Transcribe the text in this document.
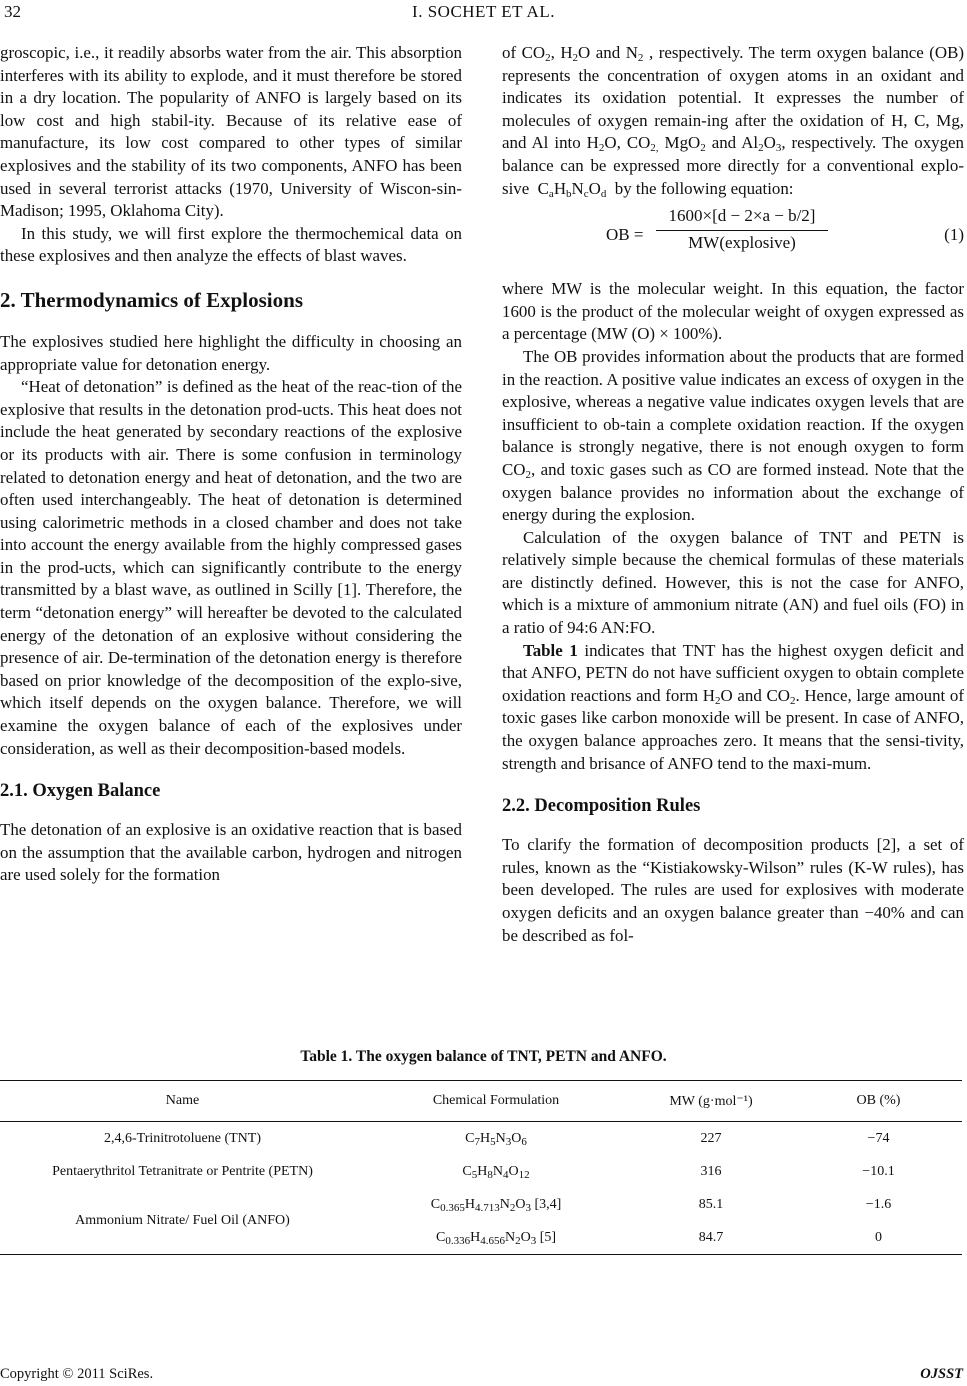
32	I. SOCHET ET AL.

groscopic, i.e., it readily absorbs water from the air. This absorption interferes with its ability to explode, and it must therefore be stored in a dry location. The popularity of ANFO is largely based on its low cost and high stabil-ity. Because of its relative ease of manufacture, its low cost compared to other types of similar explosives and the stability of its two components, ANFO has been used in several terrorist attacks (1970, University of Wiscon-sin-Madison; 1995, Oklahoma City).

In this study, we will first explore the thermochemical data on these explosives and then analyze the effects of blast waves.

2. Thermodynamics of Explosions

The explosives studied here highlight the difficulty in choosing an appropriate value for detonation energy.

“Heat of detonation” is defined as the heat of the reac-tion of the explosive that results in the detonation prod-ucts. This heat does not include the heat generated by secondary reactions of the explosive or its products with air. There is some confusion in terminology related to detonation energy and heat of detonation, and the two are often used interchangeably. The heat of detonation is determined using calorimetric methods in a closed chamber and does not take into account the energy available from the highly compressed gases in the prod-ucts, which can significantly contribute to the energy transmitted by a blast wave, as outlined in Scilly [1]. Therefore, the term “detonation energy” will hereafter be devoted to the calculated energy of the detonation of an explosive without considering the presence of air. De-termination of the detonation energy is therefore based on prior knowledge of the decomposition of the explo-sive, which itself depends on the oxygen balance. Therefore, we will examine the oxygen balance of each of the explosives under consideration, as well as their decomposition-based models.

2.1. Oxygen Balance

The detonation of an explosive is an oxidative reaction that is based on the assumption that the available carbon, hydrogen and nitrogen are used solely for the formation

of $CO_2$, $H_2O$ and $N_2$ , respectively. The term oxygen balance (OB) represents the concentration of oxygen atoms in an oxidant and indicates its oxidation potential. It expresses the number of molecules of oxygen remain-ing after the oxidation of H, C, Mg, and Al into $H_2O$, $CO_{2,}$ MgO$_2$ and $Al_2O_3$, respectively. The oxygen balance can be expressed more directly for a conventional explo-sive  $C_aH_bN_cO_d$  by the following equation:

OB =
1600×[d − 2×a − b/2]
MW(explosive)	(1)

where MW is the molecular weight. In this equation, the factor 1600 is the product of the molecular weight of oxygen expressed as a percentage (MW (O) × 100%).

The OB provides information about the products that are formed in the reaction. A positive value indicates an excess of oxygen in the explosive, whereas a negative value indicates oxygen levels that are insufficient to ob-tain a complete oxidation reaction. If the oxygen balance is strongly negative, there is not enough oxygen to form $CO_2$, and toxic gases such as CO are formed instead. Note that the oxygen balance provides no information about the exchange of energy during the explosion.

Calculation of the oxygen balance of TNT and PETN is relatively simple because the chemical formulas of these materials are distinctly defined. However, this is not the case for ANFO, which is a mixture of ammonium nitrate (AN) and fuel oils (FO) in a ratio of 94:6 AN:FO.

Table 1 indicates that TNT has the highest oxygen deficit and that ANFO, PETN do not have sufficient oxygen to obtain complete oxidation reactions and form $H_2O$ and $CO_2$. Hence, large amount of toxic gases like carbon monoxide will be present. In case of ANFO, the oxygen balance approaches zero. It means that the sensi-tivity, strength and brisance of ANFO tend to the maxi-mum.

2.2. Decomposition Rules

To clarify the formation of decomposition products [2], a set of rules, known as the “Kistiakowsky-Wilson” rules (K-W rules), has been developed. The rules are used for explosives with moderate oxygen deficits and an oxygen balance greater than −40% and can be described as fol-

Table 1. The oxygen balance of TNT, PETN and ANFO.
Name	Chemical Formulation	MW (g·mol⁻¹)	OB (%)
2,4,6-Trinitrotoluene (TNT)	$C_7H_5N_3O_6$	227	−74
Pentaerythritol Tetranitrate or Pentrite (PETN)	$C_5H_8N_4O_{12}$	316	−10.1
Ammonium Nitrate/ Fuel Oil (ANFO)	$C_{0.365}H_{4.713}N_2O_3$ [3,4]	85.1	−1.6
	$C_{0.336}H_{4.656}N_2O_3$ [5]	84.7	0
Copyright © 2011 SciRes.	OJSST
